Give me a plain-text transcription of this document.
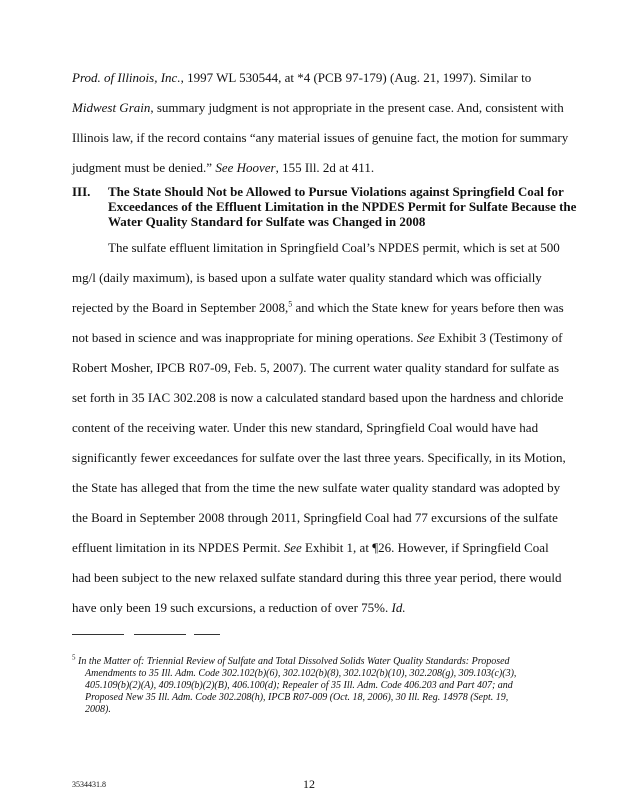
Prod. of Illinois, Inc., 1997 WL 530544, at *4 (PCB 97-179) (Aug. 21, 1997). Similar to
Midwest Grain, summary judgment is not appropriate in the present case. And, consistent with
Illinois law, if the record contains “any material issues of genuine fact, the motion for summary
judgment must be denied.” See Hoover, 155 Ill. 2d at 411.
III. The State Should Not be Allowed to Pursue Violations against Springfield Coal for
Exceedances of the Effluent Limitation in the NPDES Permit for Sulfate Because the
Water Quality Standard for Sulfate was Changed in 2008
The sulfate effluent limitation in Springfield Coal’s NPDES permit, which is set at 500
mg/l (daily maximum), is based upon a sulfate water quality standard which was officially
rejected by the Board in September 2008,$^5$ and which the State knew for years before then was
not based in science and was inappropriate for mining operations. See Exhibit 3 (Testimony of
Robert Mosher, IPCB R07-09, Feb. 5, 2007). The current water quality standard for sulfate as
set forth in 35 IAC 302.208 is now a calculated standard based upon the hardness and chloride
content of the receiving water. Under this new standard, Springfield Coal would have had
significantly fewer exceedances for sulfate over the last three years. Specifically, in its Motion,
the State has alleged that from the time the new sulfate water quality standard was adopted by
the Board in September 2008 through 2011, Springfield Coal had 77 excursions of the sulfate
effluent limitation in its NPDES Permit. See Exhibit 1, at ¶26. However, if Springfield Coal
had been subject to the new relaxed sulfate standard during this three year period, there would
have only been 19 such excursions, a reduction of over 75%. Id.
$^5$ In the Matter of: Triennial Review of Sulfate and Total Dissolved Solids Water Quality Standards: Proposed
Amendments to 35 Ill. Adm. Code 302.102(b)(6), 302.102(b)(8), 302.102(b)(10), 302.208(g), 309.103(c)(3),
405.109(b)(2)(A), 409.109(b)(2)(B), 406.100(d); Repealer of 35 Ill. Adm. Code 406.203 and Part 407; and
Proposed New 35 Ill. Adm. Code 302.208(h), IPCB R07-009 (Oct. 18, 2006), 30 Ill. Reg. 14978 (Sept. 19,
2008).
3534431.8	12
